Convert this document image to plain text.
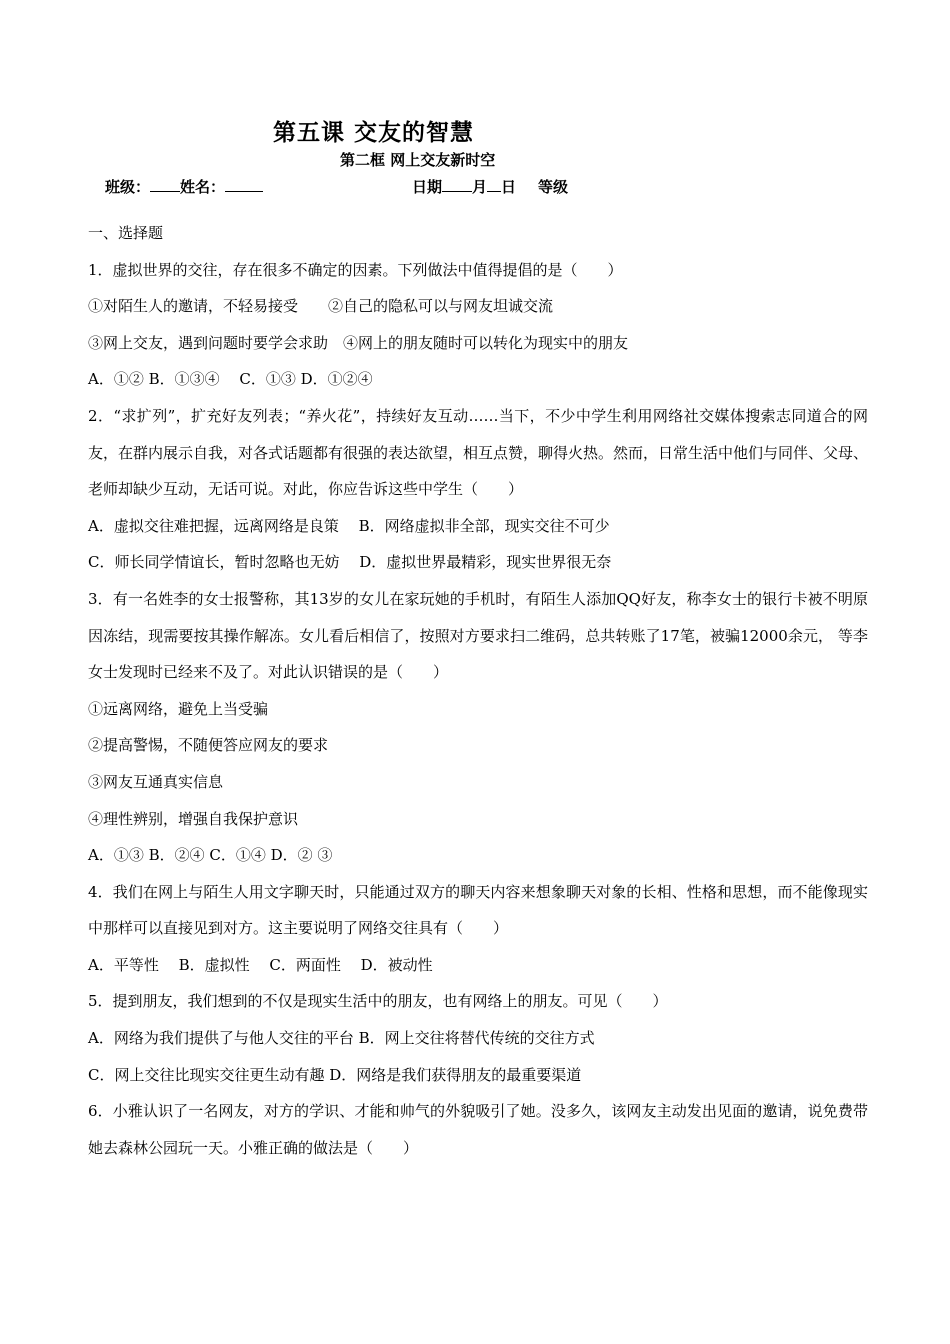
第五课 交友的智慧
第二框 网上交友新时空
班级： 姓名：	日期 月 日 等级

一、选择题

1．虚拟世界的交往，存在很多不确定的因素。下列做法中值得提倡的是（　　）

①对陌生人的邀请，不轻易接受　　②自己的隐私可以与网友坦诚交流

③网上交友，遇到问题时要学会求助　④网上的朋友随时可以转化为现实中的朋友

A．①② B．①③④　 C．①③ D．①②④

2．“求扩列”，扩充好友列表；“养火花”，持续好友互动……当下，不少中学生利用网络社交媒体搜索志同道合的网友，在群内展示自我，对各式话题都有很强的表达欲望，相互点赞，聊得火热。然而，日常生活中他们与同伴、父母、老师却缺少互动，无话可说。对此，你应告诉这些中学生（　　）

A．虚拟交往难把握，远离网络是良策　 B．网络虚拟非全部，现实交往不可少

C．师长同学情谊长，暂时忽略也无妨　 D．虚拟世界最精彩，现实世界很无奈

3．有一名姓李的女士报警称，其13岁的女儿在家玩她的手机时，有陌生人添加QQ好友，称李女士的银行卡被不明原因冻结，现需要按其操作解冻。女儿看后相信了，按照对方要求扫二维码，总共转账了17笔，被骗12000余元， 等李女士发现时已经来不及了。对此认识错误的是（　　）

①远离网络，避免上当受骗

②提高警惕，不随便答应网友的要求

③网友互通真实信息

④理性辨别，增强自我保护意识

A．①③ B．②④ C．①④ D．② ③

4．我们在网上与陌生人用文字聊天时，只能通过双方的聊天内容来想象聊天对象的长相、性格和思想，而不能像现实中那样可以直接见到对方。这主要说明了网络交往具有（　　）

A．平等性　 B．虚拟性　 C．两面性　 D．被动性

5．提到朋友，我们想到的不仅是现实生活中的朋友，也有网络上的朋友。可见（　　）

A．网络为我们提供了与他人交往的平台 B．网上交往将替代传统的交往方式

C．网上交往比现实交往更生动有趣 D．网络是我们获得朋友的最重要渠道

6．小雅认识了一名网友，对方的学识、才能和帅气的外貌吸引了她。没多久，该网友主动发出见面的邀请，说免费带她去森林公园玩一天。小雅正确的做法是（　　）
